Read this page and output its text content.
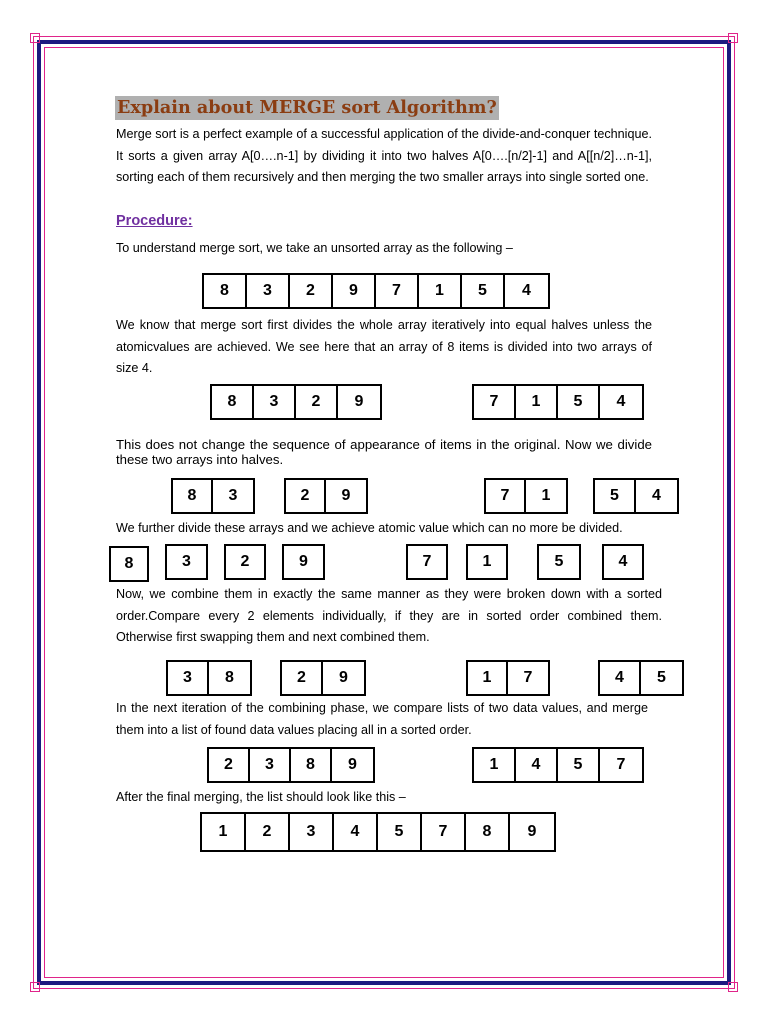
Explain about MERGE sort Algorithm?
Merge sort is a perfect example of a successful application of the divide-and-conquer technique. It sorts a given array A[0….n-1] by dividing it into two halves A[0….[n/2]-1] and A[[n/2]…n-1], sorting each of them recursively and then merging the two smaller arrays into single sorted one.
Procedure:
To understand merge sort, we take an unsorted array as the following –
8	3	2	9	7	1	5	4
We know that merge sort first divides the whole array iteratively into equal halves unless the atomicvalues are achieved. We see here that an array of 8 items is divided into two arrays of size 4.
8	3	2	9	7	1	5	4
This does not change the sequence of appearance of items in the original. Now we divide these two arrays into halves.
8	3	2	9	7	1	5	4
We further divide these arrays and we achieve atomic value which can no more be divided.
8	3	2	9	7	1	5	4
Now, we combine them in exactly the same manner as they were broken down with a sorted order.Compare every 2 elements individually, if they are in sorted order combined them. Otherwise first swapping them and next combined them.
3	8	2	9	1	7	4	5
In the next iteration of the combining phase, we compare lists of two data values, and merge them into a list of found data values placing all in a sorted order.
2	3	8	9	1	4	5	7
After the final merging, the list should look like this –
1	2	3	4	5	7	8	9
